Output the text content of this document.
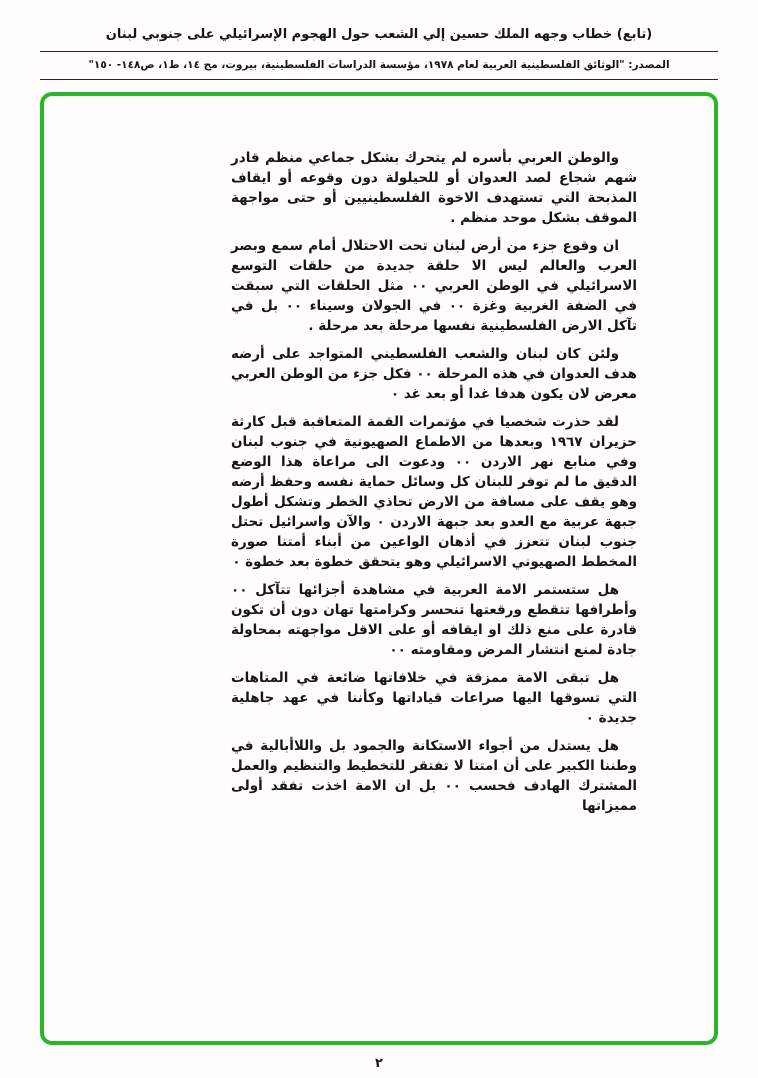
(تابع) خطاب وجهه الملك حسين إلي الشعب حول الهجوم الإسرائيلي على جنوبي لبنان
المصدر: "الوثائق الفلسطينية العربية لعام ١٩٧٨، مؤسسة الدراسات الفلسطينية، بيروت، مج ١٤، ط١، ص١٤٨- ١٥٠"

والوطن العربي بأسره لم يتحرك بشكل جماعي منظم قادر شهم شجاع لصد العدوان أو للحيلولة دون وقوعه أو ايقاف المذبحة التي تستهدف الاخوة الفلسطينيين أو حتى مواجهة الموقف بشكل موحد منظم .

ان وقوع جزء من أرض لبنان تحت الاحتلال أمام سمع وبصر العرب والعالم ليس الا حلقة جديدة من حلقات التوسع الاسرائيلي في الوطن العربي ٠٠ مثل الحلقات التي سبقت في الضفة الغربية وغزة ٠٠ في الجولان وسيناء ٠٠ بل في تآكل الارض الفلسطينية نفسها مرحلة بعد مرحلة .

ولئن كان لبنان والشعب الفلسطيني المتواجد على أرضه هدف العدوان في هذه المرحلة ٠٠ فكل جزء من الوطن العربي معرض لان يكون هدفا غدا أو بعد غد ٠

لقد حذرت شخصيا في مؤتمرات القمة المتعاقبة قبل كارثة حزيران ١٩٦٧ وبعدها من الاطماع الصهيونية في جنوب لبنان وفي منابع نهر الاردن ٠٠ ودعوت الى مراعاة هذا الوضع الدقيق ما لم توفر للبنان كل وسائل حماية نفسه وحفظ أرضه وهو يقف على مسافة من الارض تحاذي الخطر وتشكل أطول جبهة عربية مع العدو بعد جبهة الاردن ٠ والآن واسرائيل تحتل جنوب لبنان تتعزز في أذهان الواعين من أبناء أمتنا صورة المخطط الصهيوني الاسرائيلي وهو يتحقق خطوة بعد خطوة ٠

هل ستستمر الامة العربية في مشاهدة أجزائها تتآكل ٠٠ وأطرافها تتقطع ورقعتها تنحسر وكرامتها تهان دون أن تكون قادرة على منع ذلك او ايقافه أو على الاقل مواجهته بمحاولة جادة لمنع انتشار المرض ومقاومته ٠٠

هل تبقى الامة ممزقة في خلافاتها ضائعة في المتاهات التي تسوقها اليها صراعات قياداتها وكأننا في عهد جاهلية جديدة ٠

هل يستدل من أجواء الاستكانة والجمود بل واللاأبالية في وطننا الكبير على أن امتنا لا تفتقر للتخطيط والتنظيم والعمل المشترك الهادف فحسب ٠٠ بل ان الامة اخذت تفقد أولى مميزاتها

٢
